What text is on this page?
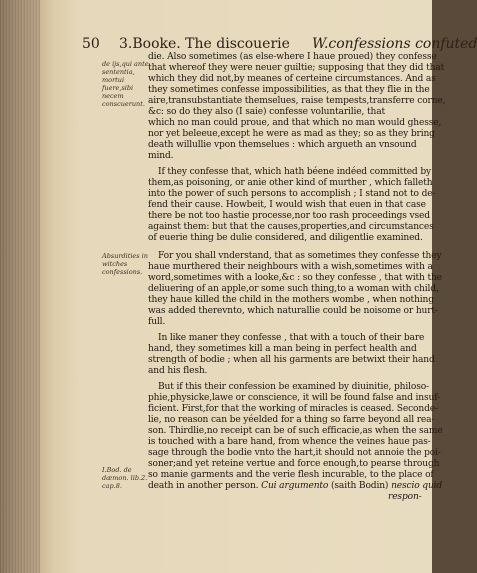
50 3.Booke. The discouerie W.confessions confuted
de ijs,qui ante sententia, mortui fuere,sibi necem conscuerunt.
Absurdities in witches confessions.
I.Bod. de dæmon. lib.2. cap.8.
die. Also sometimes (as else-where I haue proued) they confesse
that whereof they were neuer guiltie; supposing that they did that
which they did not,by meanes of certeine circumstances. And as
they sometimes confesse impossibilities, as that they flie in the
aire,transubstantiate themselues, raise tempests,transferre corne,
&c: so do they also (I saie) confesse voluntarilie, that
which no man could proue, and that which no man would ghesse,
nor yet beleeue,except he were as mad as they; so as they bring
death willullie vpon themselues : which argueth an vnsound
mind.
If they confesse that, which hath béene indéed committed by
them,as poisoning, or anie other kind of murther , which falleth
into the power of such persons to accomplish ; I stand not to de-
fend their cause. Howbeit, I would wish that euen in that case
there be not too hastie processe,nor too rash proceedings vsed
against them: but that the causes,properties,and circumstances
of euerie thing be dulie considered, and diligentlie examined.
For you shall vnderstand, that as sometimes they confesse they
haue murthered their neighbours with a wish,sometimes with a
word,sometimes with a looke,&c : so they confesse , that with the
deliuering of an apple,or some such thing,to a woman with child,
they haue killed the child in the mothers wombe , when nothing
was added therevnto, which naturallie could be noisome or hurt-
full.
In like maner they confesse , that with a touch of their bare
hand, they sometimes kill a man being in perfect health and
strength of bodie ; when all his garments are betwixt their hand
and his flesh.
But if this their confession be examined by diuinitie, philoso-
phie,physicke,lawe or conscience, it will be found false and insuf-
ficient. First,for that the working of miracles is ceased. Seconde-
lie, no reason can be yéelded for a thing so farre beyond all rea-
son. Thirdlie,no receipt can be of such efficacie,as when the same
is touched with a bare hand, from whence the veines haue pas-
sage through the bodie vnto the hart,it should not annoie the poi-
soner;and yet reteine vertue and force enough,to pearse through
so manie garments and the verie flesh incurable, to the place of
death in another person. Cui argumento (saith Bodin) nescio quid
respon-
